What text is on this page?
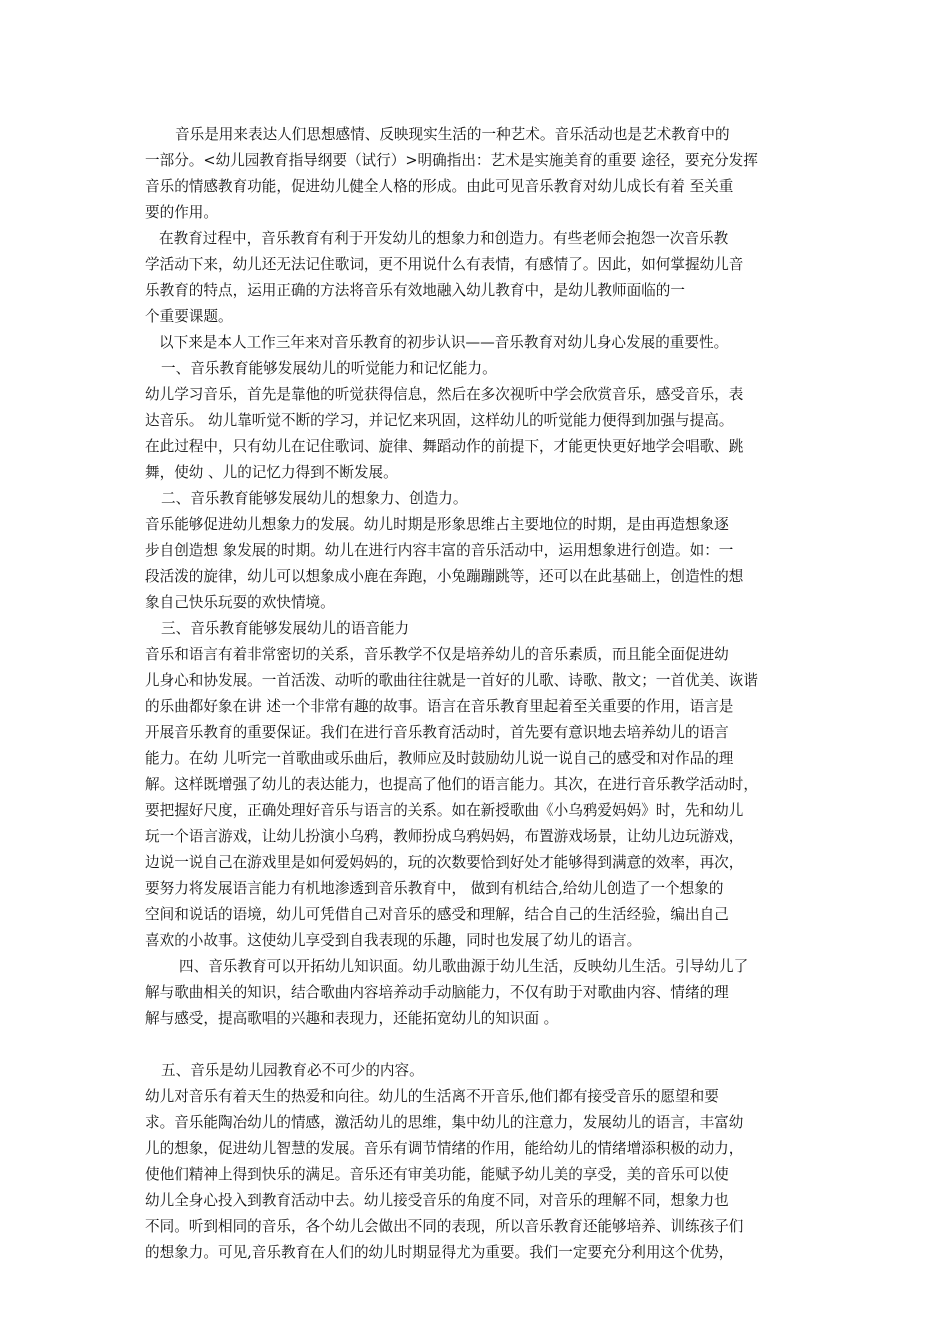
音乐是用来表达人们思想感情、反映现实生活的一种艺术。音乐活动也是艺术教育中的
一部分。<幼儿园教育指导纲要（试行）>明确指出：艺术是实施美育的重要 途径，要充分发挥
音乐的情感教育功能，促进幼儿健全人格的形成。由此可见音乐教育对幼儿成长有着 至关重
要的作用。
在教育过程中，音乐教育有利于开发幼儿的想象力和创造力。有些老师会抱怨一次音乐教
学活动下来，幼儿还无法记住歌词，更不用说什么有表情，有感情了。因此，如何掌握幼儿音
乐教育的特点，运用正确的方法将音乐有效地融入幼儿教育中，是幼儿教师面临的一
个重要课题。
以下来是本人工作三年来对音乐教育的初步认识——音乐教育对幼儿身心发展的重要性。
一、音乐教育能够发展幼儿的听觉能力和记忆能力。
幼儿学习音乐，首先是靠他的听觉获得信息，然后在多次视听中学会欣赏音乐，感受音乐，表
达音乐。 幼儿靠听觉不断的学习，并记忆来巩固，这样幼儿的听觉能力便得到加强与提高。
在此过程中，只有幼儿在记住歌词、旋律、舞蹈动作的前提下，才能更快更好地学会唱歌、跳
舞，使幼 、儿的记忆力得到不断发展。
二、音乐教育能够发展幼儿的想象力、创造力。
音乐能够促进幼儿想象力的发展。幼儿时期是形象思维占主要地位的时期，是由再造想象逐
步自创造想 象发展的时期。幼儿在进行内容丰富的音乐活动中，运用想象进行创造。如：一
段活泼的旋律，幼儿可以想象成小鹿在奔跑，小兔蹦蹦跳等，还可以在此基础上，创造性的想
象自己快乐玩耍的欢快情境。
三、音乐教育能够发展幼儿的语音能力
音乐和语言有着非常密切的关系，音乐教学不仅是培养幼儿的音乐素质，而且能全面促进幼
儿身心和协发展。一首活泼、动听的歌曲往往就是一首好的儿歌、诗歌、散文；一首优美、诙谐
的乐曲都好象在讲 述一个非常有趣的故事。语言在音乐教育里起着至关重要的作用，语言是
开展音乐教育的重要保证。我们在进行音乐教育活动时，首先要有意识地去培养幼儿的语言
能力。在幼 儿听完一首歌曲或乐曲后，教师应及时鼓励幼儿说一说自己的感受和对作品的理
解。这样既增强了幼儿的表达能力，也提高了他们的语言能力。其次，在进行音乐教学活动时，
要把握好尺度，正确处理好音乐与语言的关系。如在新授歌曲《小乌鸦爱妈妈》时，先和幼儿
玩一个语言游戏，让幼儿扮演小乌鸦，教师扮成乌鸦妈妈，布置游戏场景，让幼儿边玩游戏，
边说一说自己在游戏里是如何爱妈妈的，玩的次数要恰到好处才能够得到满意的效率，再次，
要努力将发展语言能力有机地渗透到音乐教育中， 做到有机结合,给幼儿创造了一个想象的
空间和说话的语境，幼儿可凭借自己对音乐的感受和理解，结合自己的生活经验，编出自己
喜欢的小故事。这使幼儿享受到自我表现的乐趣，同时也发展了幼儿的语言。
四、音乐教育可以开拓幼儿知识面。幼儿歌曲源于幼儿生活，反映幼儿生活。引导幼儿了
解与歌曲相关的知识，结合歌曲内容培养动手动脑能力，不仅有助于对歌曲内容、情绪的理
解与感受，提高歌唱的兴趣和表现力，还能拓宽幼儿的知识面 。
五、音乐是幼儿园教育必不可少的内容。
幼儿对音乐有着天生的热爱和向往。幼儿的生活离不开音乐,他们都有接受音乐的愿望和要
求。音乐能陶冶幼儿的情感，激活幼儿的思维，集中幼儿的注意力，发展幼儿的语言，丰富幼
儿的想象，促进幼儿智慧的发展。音乐有调节情绪的作用，能给幼儿的情绪增添积极的动力，
使他们精神上得到快乐的满足。音乐还有审美功能，能赋予幼儿美的享受，美的音乐可以使
幼儿全身心投入到教育活动中去。幼儿接受音乐的角度不同，对音乐的理解不同，想象力也
不同。听到相同的音乐，各个幼儿会做出不同的表现，所以音乐教育还能够培养、训练孩子们
的想象力。可见,音乐教育在人们的幼儿时期显得尤为重要。我们一定要充分利用这个优势，
